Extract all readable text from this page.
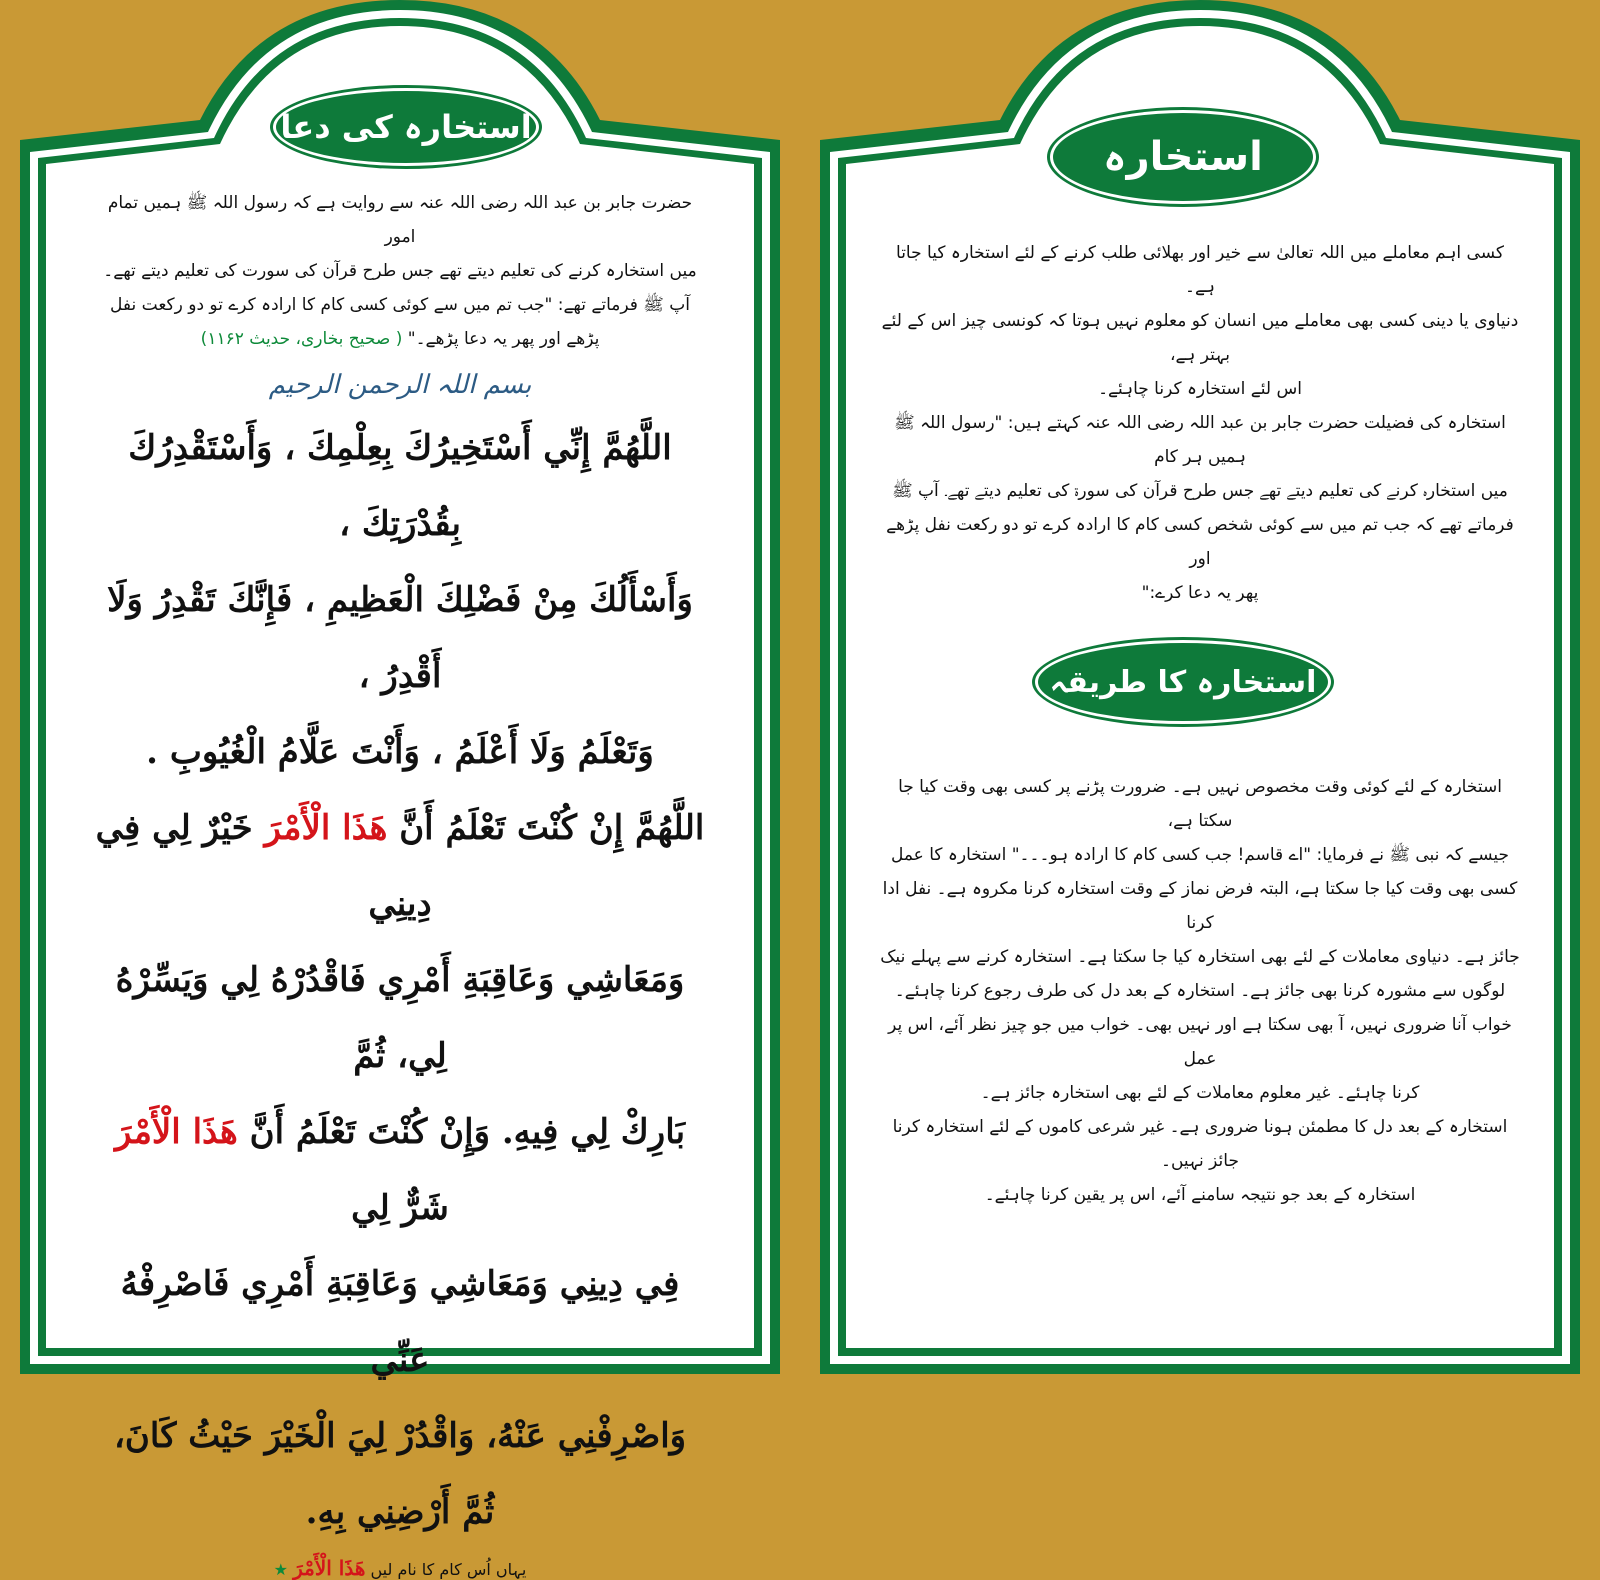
استخارہ کی دعا

حضرت جابر بن عبد اللہ رضی اللہ عنہ سے روایت ہے کہ رسول اللہ ﷺ ہمیں تمام امور

میں استخارہ کرنے کی تعلیم دیتے تھے جس طرح قرآن کی سورت کی تعلیم دیتے تھے۔

آپ ﷺ فرماتے تھے: "جب تم میں سے کوئی کسی کام کا ارادہ کرے تو دو رکعت نفل

پڑھے اور پھر یہ دعا پڑھے۔" ( صحیح بخاری، حدیث ۱۱۶۲)

بسم اللہ الرحمن الرحیم

اللَّهُمَّ إِنِّي أَسْتَخِيرُكَ بِعِلْمِكَ ، وَأَسْتَقْدِرُكَ بِقُدْرَتِكَ ،

وَأَسْأَلُكَ مِنْ فَضْلِكَ الْعَظِيمِ ، فَإِنَّكَ تَقْدِرُ وَلَا أَقْدِرُ ،

وَتَعْلَمُ وَلَا أَعْلَمُ ، وَأَنْتَ عَلَّامُ الْغُيُوبِ .

اللَّهُمَّ إِنْ كُنْتَ تَعْلَمُ أَنَّ هَذَا الْأَمْرَ خَيْرٌ لِي فِي دِينِي

وَمَعَاشِي وَعَاقِبَةِ أَمْرِي فَاقْدُرْهُ لِي وَيَسِّرْهُ لِي، ثُمَّ

بَارِكْ لِي فِيهِ. وَإِنْ كُنْتَ تَعْلَمُ أَنَّ هَذَا الْأَمْرَ شَرٌّ لِي

فِي دِينِي وَمَعَاشِي وَعَاقِبَةِ أَمْرِي فَاصْرِفْهُ عَنِّي

وَاصْرِفْنِي عَنْهُ، وَاقْدُرْ لِيَ الْخَيْرَ حَيْثُ كَانَ،

ثُمَّ أَرْضِنِي بِهِ.

یہاں اُس کام کا نام لیں هَذَا الْأَمْرَ ★
استخارہ

کسی اہم معاملے میں اللہ تعالیٰ سے خیر اور بھلائی طلب کرنے کے لئے استخارہ کیا جاتا ہے۔

دنیاوی یا دینی کسی بھی معاملے میں انسان کو معلوم نہیں ہوتا کہ کونسی چیز اس کے لئے بہتر ہے،

اس لئے استخارہ کرنا چاہئے۔

استخارہ کی فضیلت حضرت جابر بن عبد اللہ رضی اللہ عنہ کہتے ہیں: "رسول اللہ ﷺ ہمیں ہر کام

میں استخارہ کرنے کی تعلیم دیتے تھے جس طرح قرآن کی سورۃ کی تعلیم دیتے تھے۔ آپ ﷺ

فرماتے تھے کہ جب تم میں سے کوئی شخص کسی کام کا ارادہ کرے تو دو رکعت نفل پڑھے اور

پھر یہ دعا کرے:"

استخارہ کا طریقہ

استخارہ کے لئے کوئی وقت مخصوص نہیں ہے۔ ضرورت پڑنے پر کسی بھی وقت کیا جا سکتا ہے،

جیسے کہ نبی ﷺ نے فرمایا: "اے قاسم! جب کسی کام کا ارادہ ہو۔۔۔" استخارہ کا عمل

کسی بھی وقت کیا جا سکتا ہے، البتہ فرض نماز کے وقت استخارہ کرنا مکروہ ہے۔ نفل ادا کرنا

جائز ہے۔ دنیاوی معاملات کے لئے بھی استخارہ کیا جا سکتا ہے۔ استخارہ کرنے سے پہلے نیک

لوگوں سے مشورہ کرنا بھی جائز ہے۔ استخارہ کے بعد دل کی طرف رجوع کرنا چاہئے۔

خواب آنا ضروری نہیں، آ بھی سکتا ہے اور نہیں بھی۔ خواب میں جو چیز نظر آئے، اس پر عمل

کرنا چاہئے۔ غیر معلوم معاملات کے لئے بھی استخارہ جائز ہے۔

استخارہ کے بعد دل کا مطمئن ہونا ضروری ہے۔ غیر شرعی کاموں کے لئے استخارہ کرنا جائز نہیں۔

استخارہ کے بعد جو نتیجہ سامنے آئے، اس پر یقین کرنا چاہئے۔
